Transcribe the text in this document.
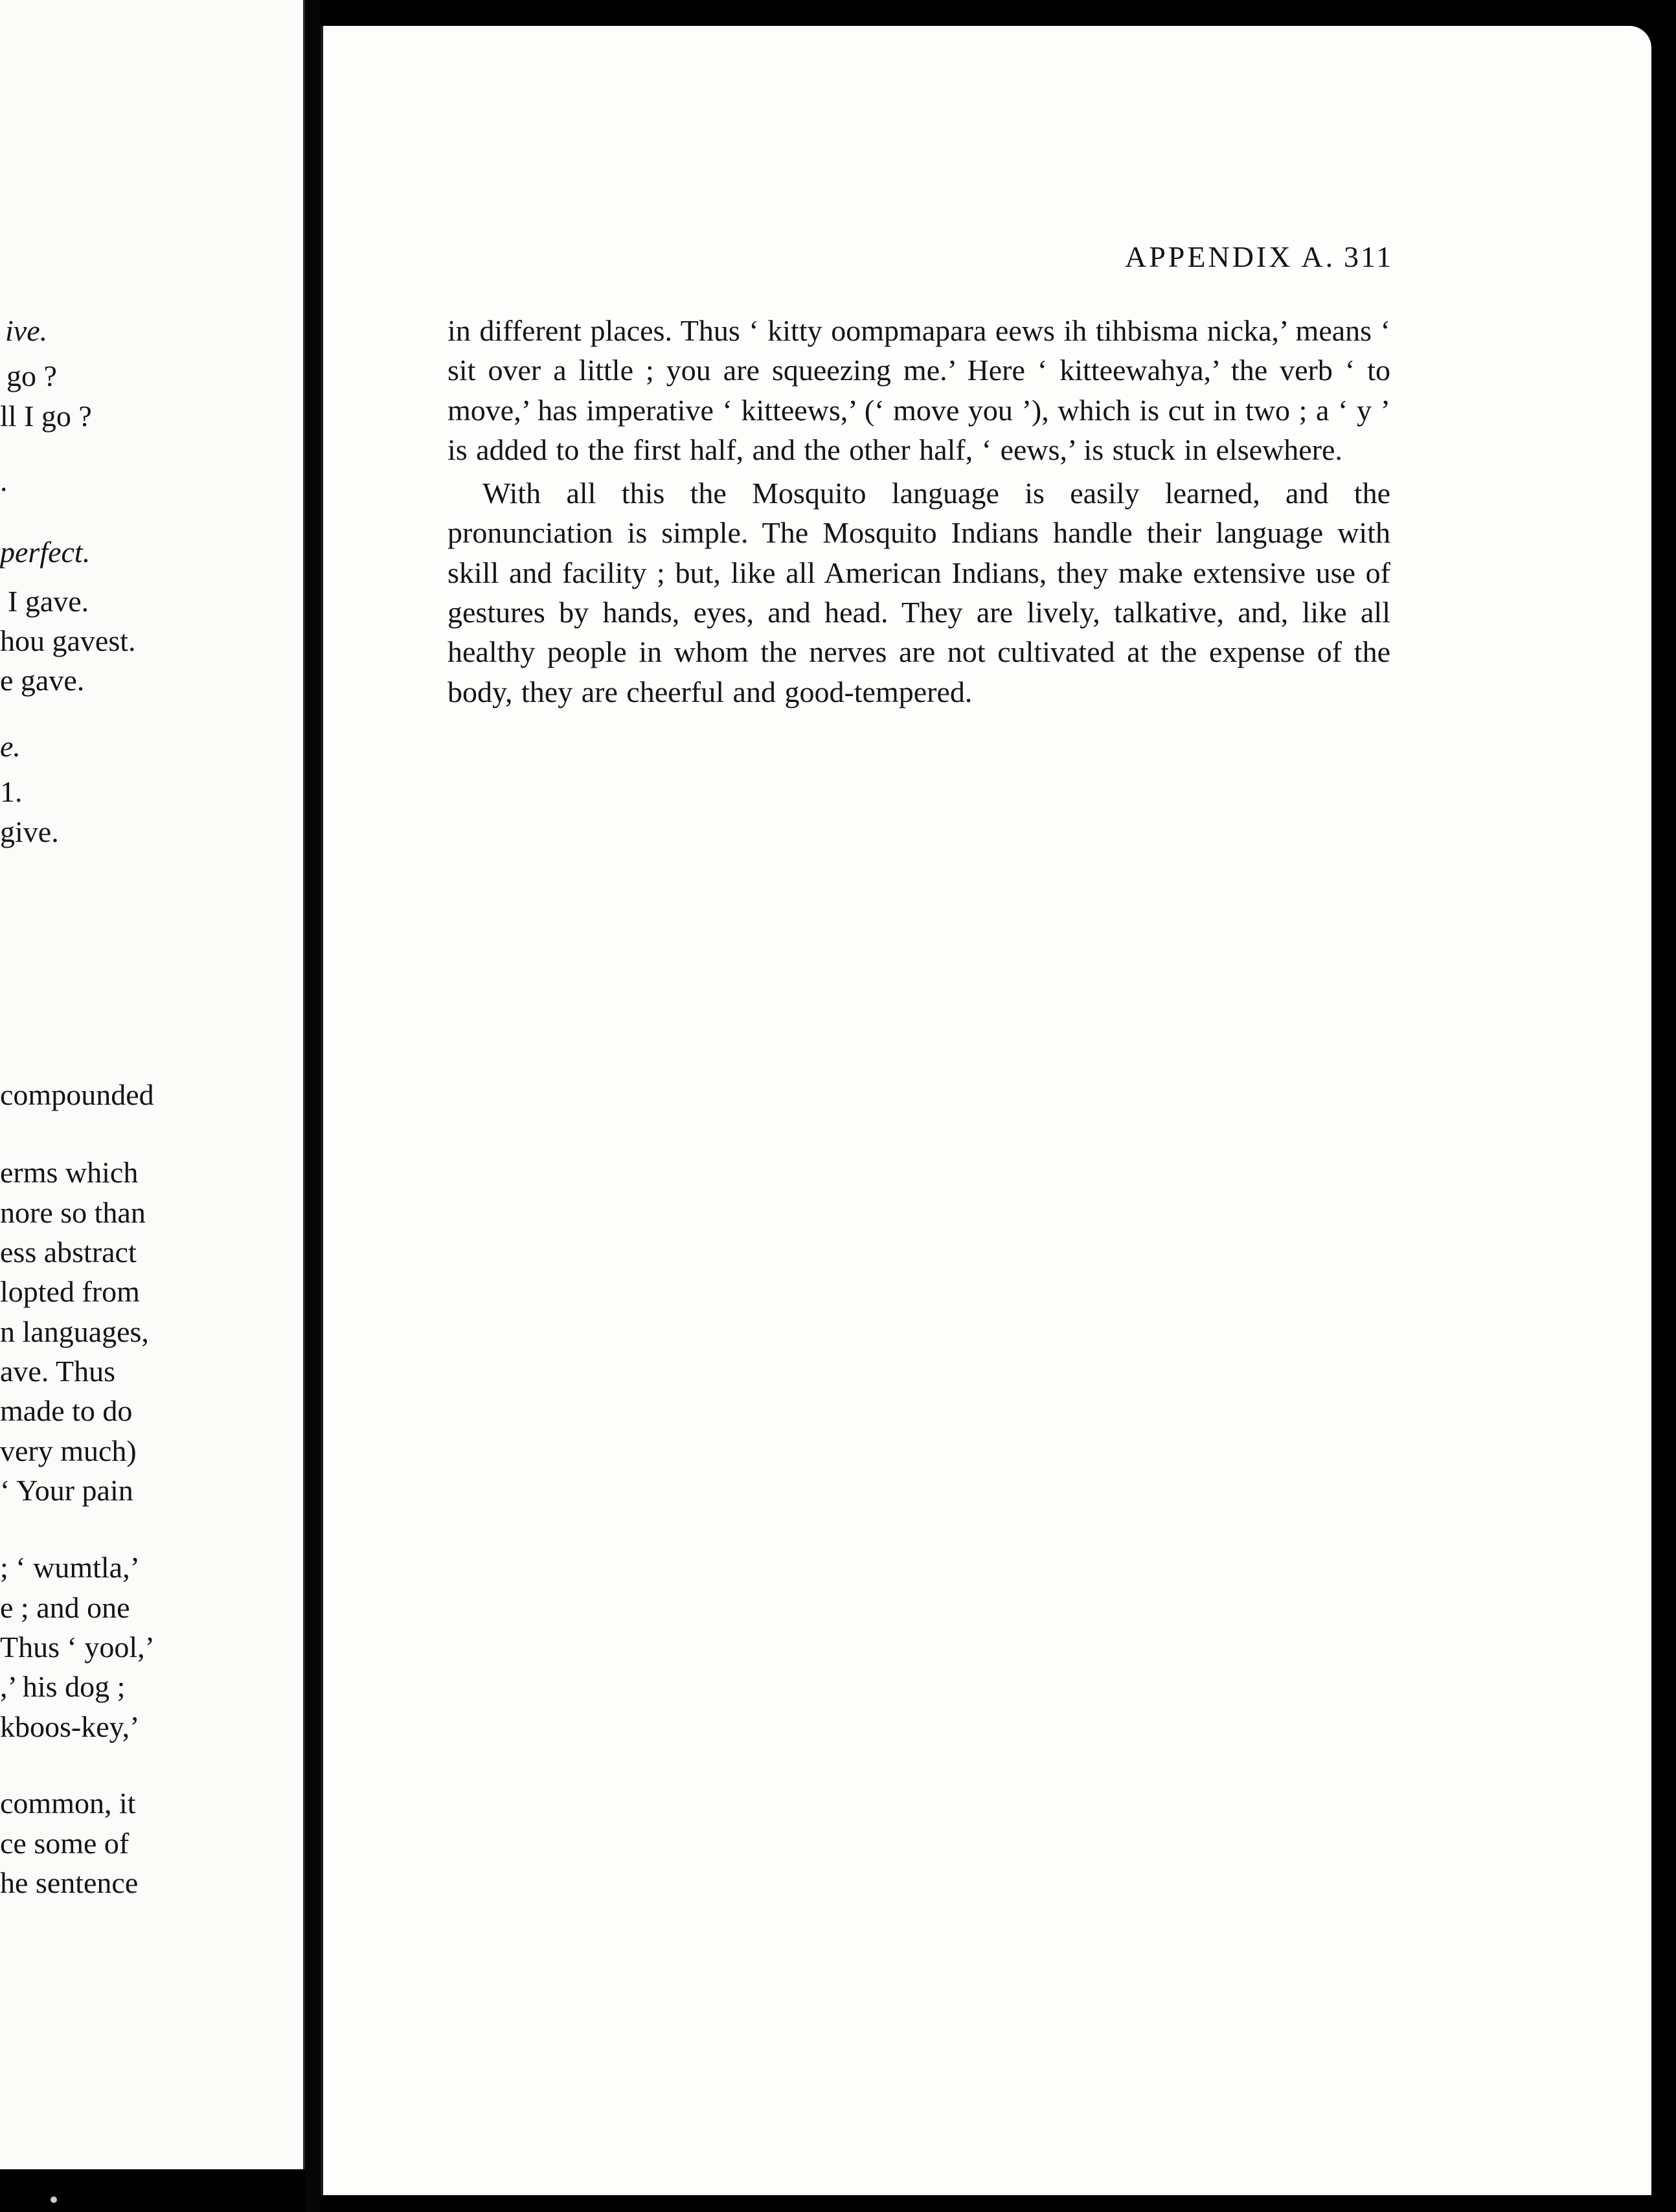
ive.
go ?
ll I go ?
.
perfect.
I gave.
hou gavest.
e gave.
e.
1.
give.
compounded
erms which
nore so than
ess abstract
lopted from
n languages,
ave. Thus
made to do
very much)
‘ Your pain
; ‘ wumtla,’
e ; and one
Thus ‘ yool,’
,’ his dog ;
kboos-key,’
common, it
ce some of
he sentence
APPENDIX A. 311

in different places. Thus ‘ kitty oompmapara eews ih tihbisma nicka,’ means ‘ sit over a little ; you are squeezing me.’ Here ‘ kitteewahya,’ the verb ‘ to move,’ has imperative ‘ kitteews,’ (‘ move you ’), which is cut in two ; a ‘ y ’ is added to the first half, and the other half, ‘ eews,’ is stuck in elsewhere.

With all this the Mosquito language is easily learned, and the pronunciation is simple. The Mosquito Indians handle their language with skill and facility ; but, like all American Indians, they make extensive use of gestures by hands, eyes, and head. They are lively, talkative, and, like all healthy people in whom the nerves are not cultivated at the expense of the body, they are cheerful and good-tempered.
